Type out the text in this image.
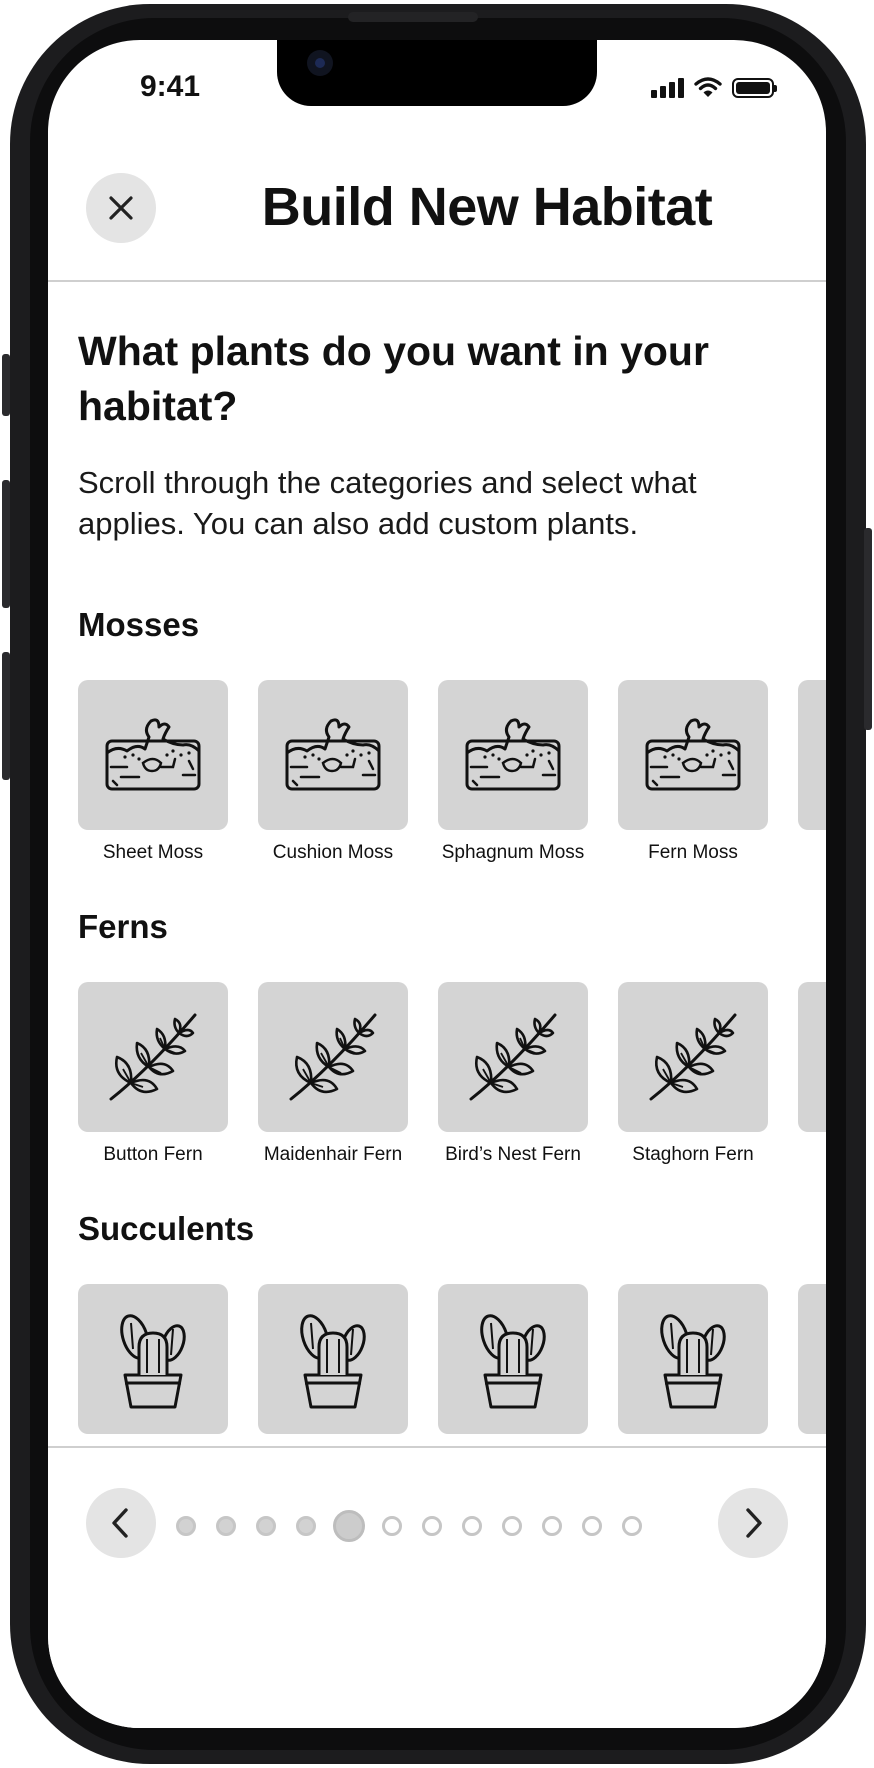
9:41
Build New Habitat
What plants do you want in your habitat?
Scroll through the categories and select what applies. You can also add custom plants.
Mosses
Sheet Moss	Cushion Moss	Sphagnum Moss	Fern Moss
Ferns
Button Fern	Maidenhair Fern Bird’s Nest Fern	Staghorn Fern
Succulents
